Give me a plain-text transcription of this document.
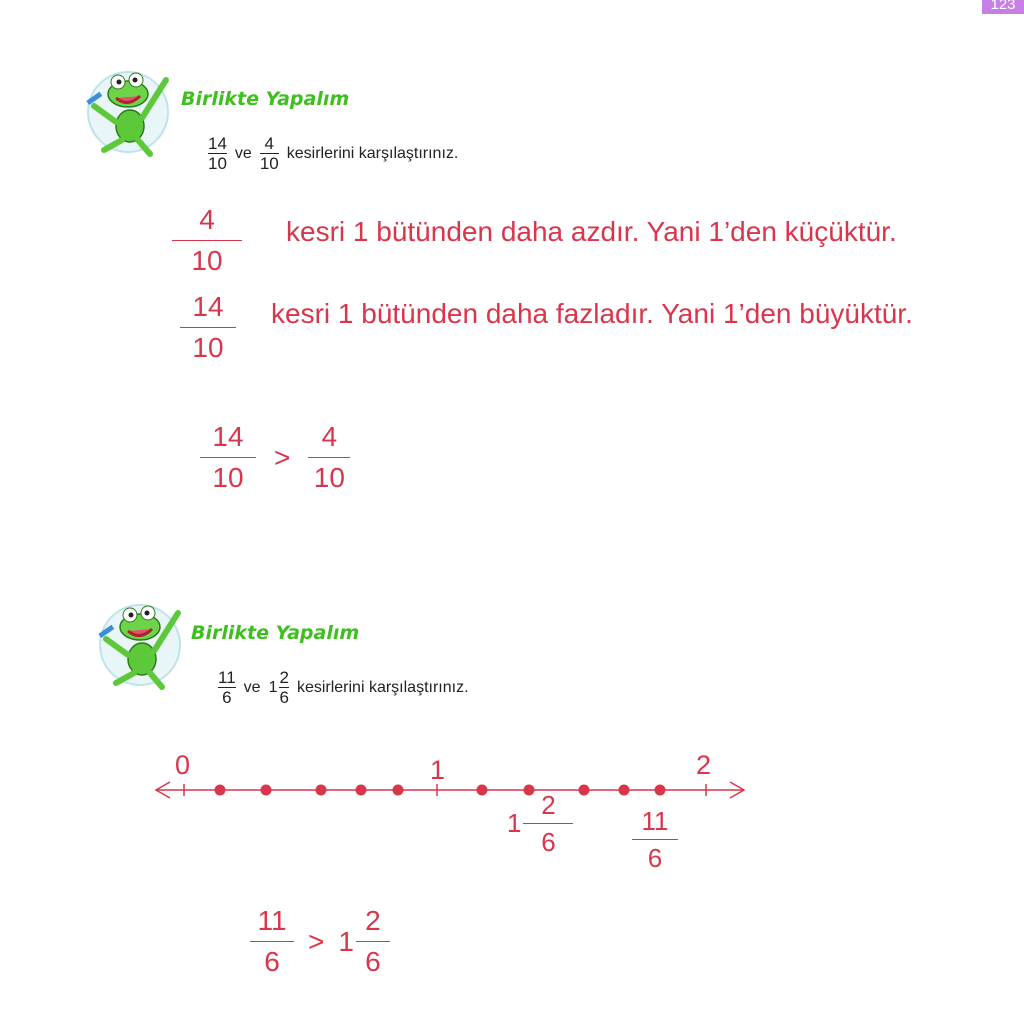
123
Birlikte Yapalım
$\frac{14}{10}$ ve $\frac{4}{10}$ kesirlerini karşılaştırınız.
4
10
kesri 1 bütünden daha azdır. Yani 1’den küçüktür.
14
10
kesri 1 bütünden daha fazladır. Yani 1’den büyüktür.
$\frac{14}{10} > \frac{4}{10}$
Birlikte Yapalım
$\frac{11}{6}$ ve $1 \frac{2}{6}$ kesirlerini karşılaştırınız.
0	1	2
$1 \frac{2}{6}$	11
6
$\frac{11}{6} > 1 \frac{2}{6}$
